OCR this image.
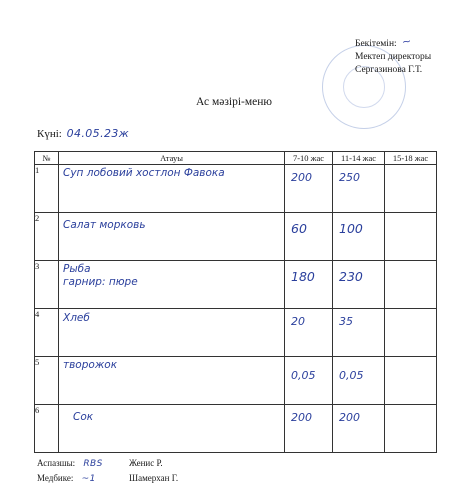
Бекітемін:
Мектеп директоры
Сергазинова Г.Т.
~
Ас мәзірі-меню
Күні: 04.05.23ж
№	Атауы	7-10 жас	11-14 жас	15-18 жас
1	Суп лобовий хостлон Фавока	200	250	

2	Салат морковь	60	100	

3	Рыба
гарнир: пюре	180	230	

4	Хлеб	20	35	

5	творожок	0,05	0,05	

6	Сок	200	200	

Аспазшы: RBS	Женис Р.
Медбике: ~1	Шамерхан Г.
